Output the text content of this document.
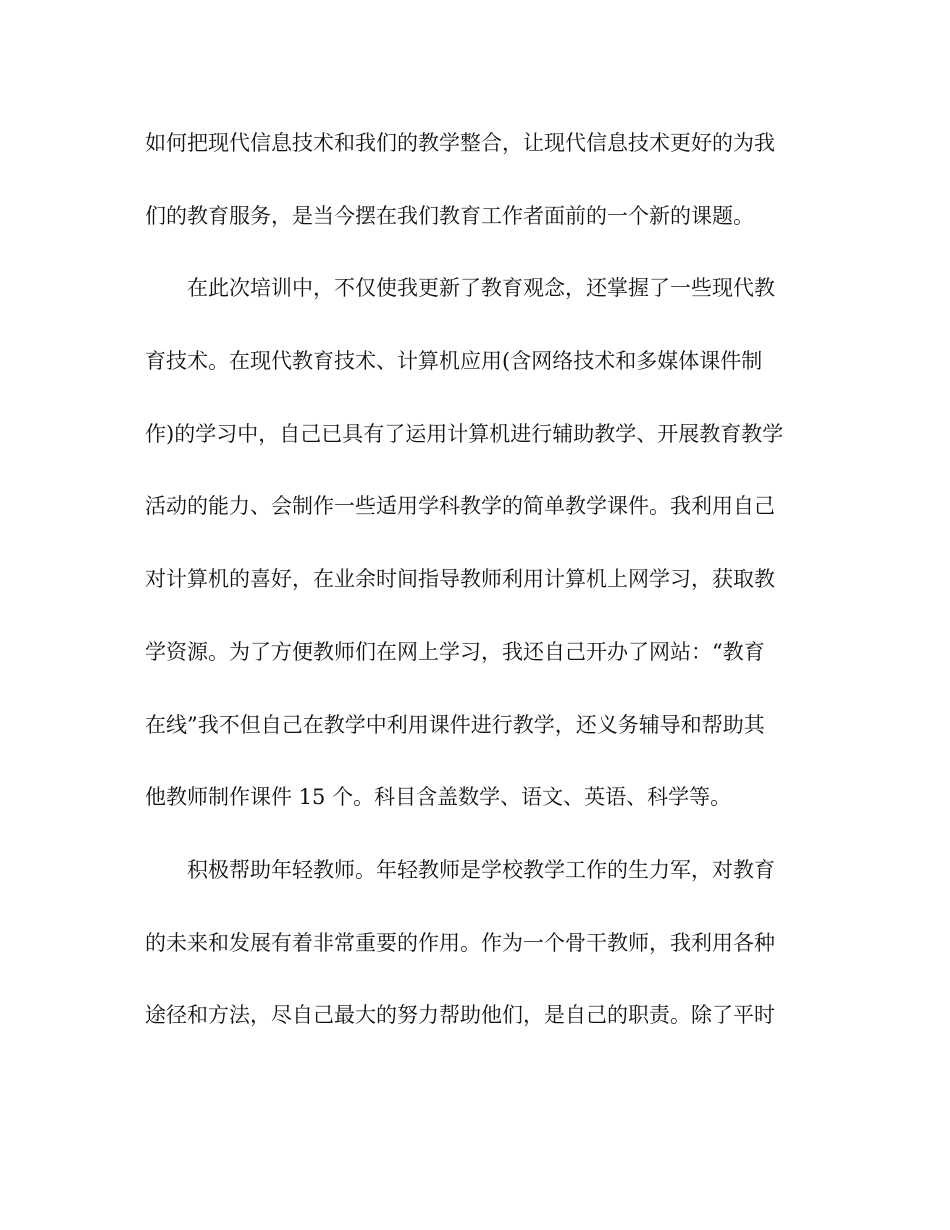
如何把现代信息技术和我们的教学整合，让现代信息技术更好的为我
们的教育服务，是当今摆在我们教育工作者面前的一个新的课题。
在此次培训中，不仅使我更新了教育观念，还掌握了一些现代教
育技术。在现代教育技术、计算机应用(含网络技术和多媒体课件制
作)的学习中，自己已具有了运用计算机进行辅助教学、开展教育教学
活动的能力、会制作一些适用学科教学的简单教学课件。我利用自己
对计算机的喜好，在业余时间指导教师利用计算机上网学习，获取教
学资源。为了方便教师们在网上学习，我还自己开办了网站：“教育
在线”我不但自己在教学中利用课件进行教学，还义务辅导和帮助其
他教师制作课件 15 个。科目含盖数学、语文、英语、科学等。
积极帮助年轻教师。年轻教师是学校教学工作的生力军，对教育
的未来和发展有着非常重要的作用。作为一个骨干教师，我利用各种
途径和方法，尽自己最大的努力帮助他们，是自己的职责。除了平时
